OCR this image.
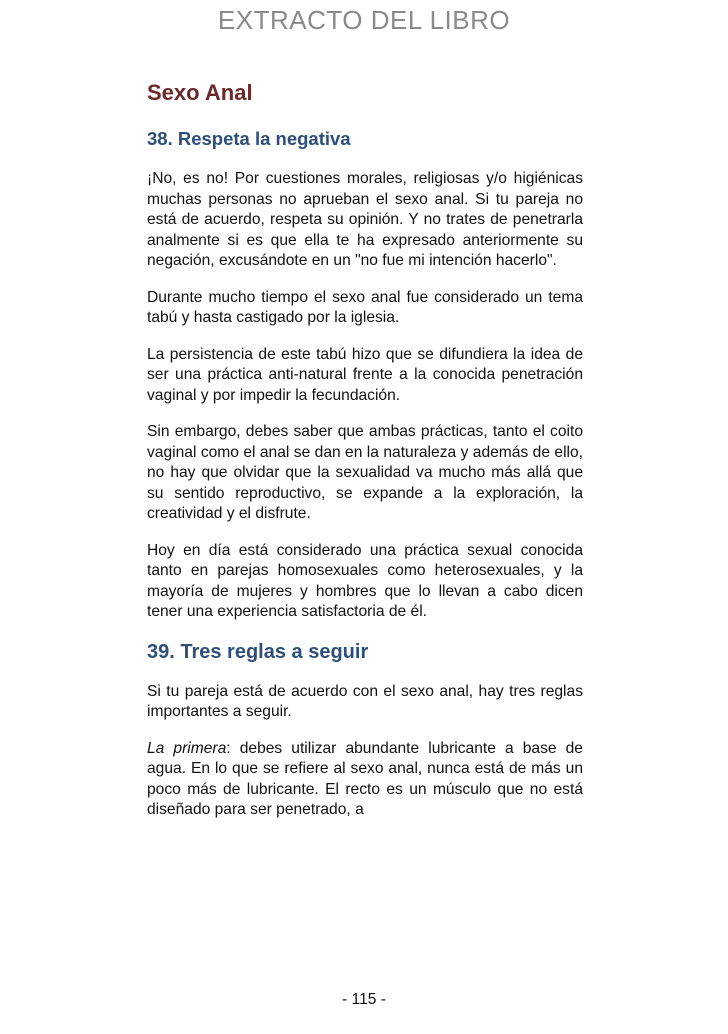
EXTRACTO DEL LIBRO
Sexo Anal
38. Respeta la negativa

¡No, es no! Por cuestiones morales, religiosas y/o higiénicas muchas personas no aprueban el sexo anal. Si tu pareja no está de acuerdo, respeta su opinión. Y no trates de penetrarla analmente si es que ella te ha expresado anteriormente su negación, excusándote en un "no fue mi intención hacerlo".

Durante mucho tiempo el sexo anal fue considerado un tema tabú y hasta castigado por la iglesia.

La persistencia de este tabú hizo que se difundiera la idea de ser una práctica anti-natural frente a la conocida penetración vaginal y por impedir la fecundación.

Sin embargo, debes saber que ambas prácticas, tanto el coito vaginal como el anal se dan en la naturaleza y además de ello, no hay que olvidar que la sexualidad va mucho más allá que su sentido reproductivo, se expande a la exploración, la creatividad y el disfrute.

Hoy en día está considerado una práctica sexual conocida tanto en parejas homosexuales como heterosexuales, y la mayoría de mujeres y hombres que lo llevan a cabo dicen tener una experiencia satisfactoria de él.

39. Tres reglas a seguir

Si tu pareja está de acuerdo con el sexo anal, hay tres reglas importantes a seguir.

La primera: debes utilizar abundante lubricante a base de agua. En lo que se refiere al sexo anal, nunca está de más un poco más de lubricante. El recto es un músculo que no está diseñado para ser penetrado, a

- 115 -
